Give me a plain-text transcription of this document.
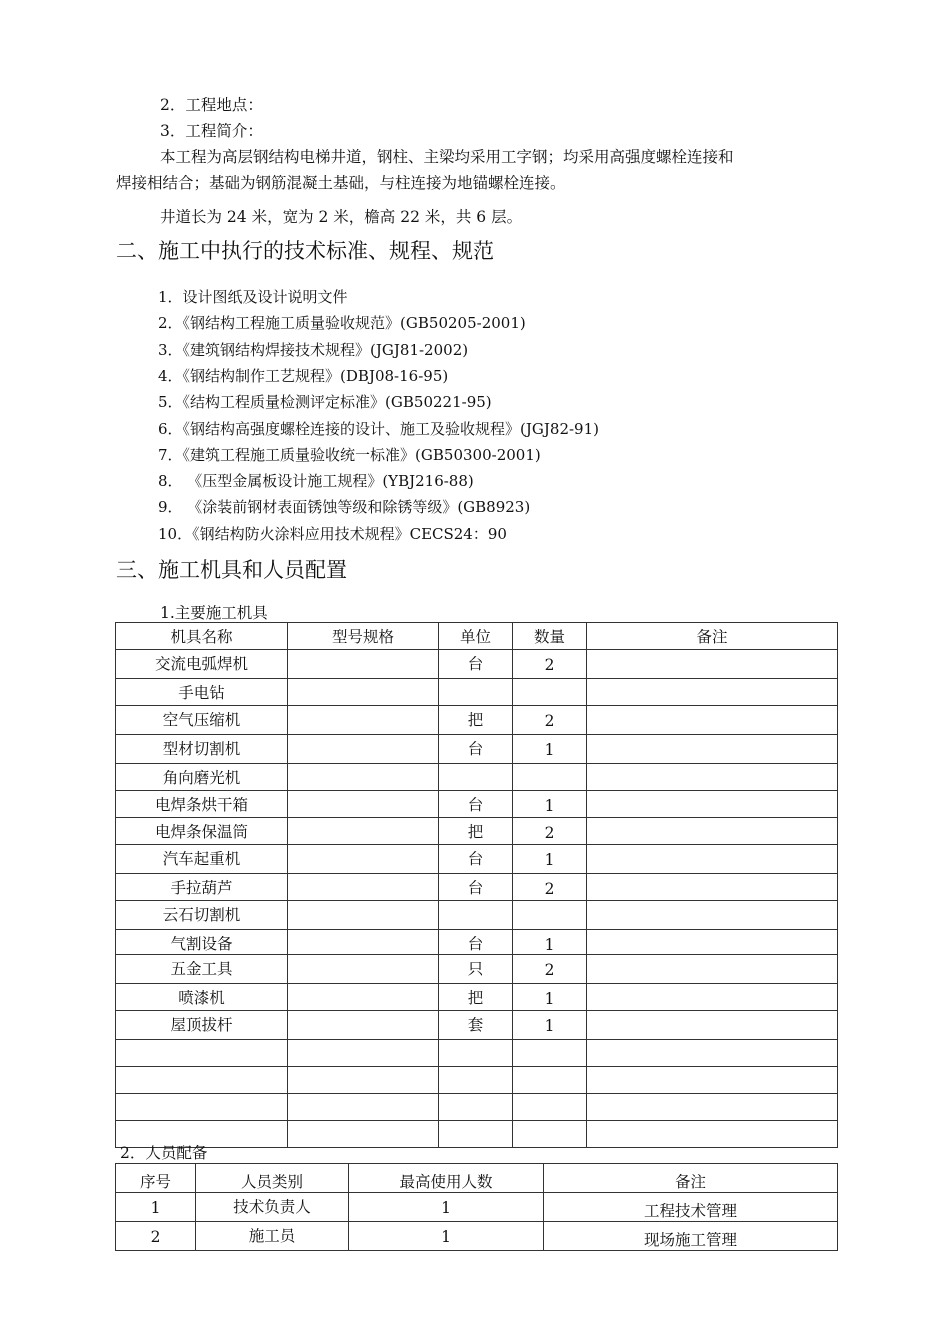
2．工程地点：
3．工程简介：
本工程为高层钢结构电梯井道，钢柱、主梁均采用工字钢；均采用高强度螺栓连接和
焊接相结合；基础为钢筋混凝土基础，与柱连接为地锚螺栓连接。
井道长为 24 米，宽为 2 米，檐高 22 米，共 6 层。
二、施工中执行的技术标准、规程、规范
1．设计图纸及设计说明文件
2．《钢结构工程施工质量验收规范》(GB50205-2001)
3．《建筑钢结构焊接技术规程》(JGJ81-2002)
4．《钢结构制作工艺规程》(DBJ08-16-95)
5．《结构工程质量检测评定标准》(GB50221-95)
6．《钢结构高强度螺栓连接的设计、施工及验收规程》(JGJ82-91)
7．《建筑工程施工质量验收统一标准》(GB50300-2001)
8． 《压型金属板设计施工规程》(YBJ216-88)
9． 《涂装前钢材表面锈蚀等级和除锈等级》(GB8923)
10．《钢结构防火涂料应用技术规程》CECS24：90
三、施工机具和人员配置
1.主要施工机具
机具名称	型号规格	单位	数量	备注

交流电弧焊机		台	2	

手电钻				

空气压缩机		把	2	

型材切割机		台	1	

角向磨光机				

电焊条烘干箱		台	1	

电焊条保温筒		把	2	

汽车起重机		台	1	

手拉葫芦		台	2	

云石切割机				

气割设备		台	1	

五金工具		只	2	

喷漆机		把	1	

屋顶拔杆		套	1	

2．人员配备
序号	人员类别	最高使用人数	备注

1	技术负责人	1	工程技术管理

2	施工员	1	现场施工管理
